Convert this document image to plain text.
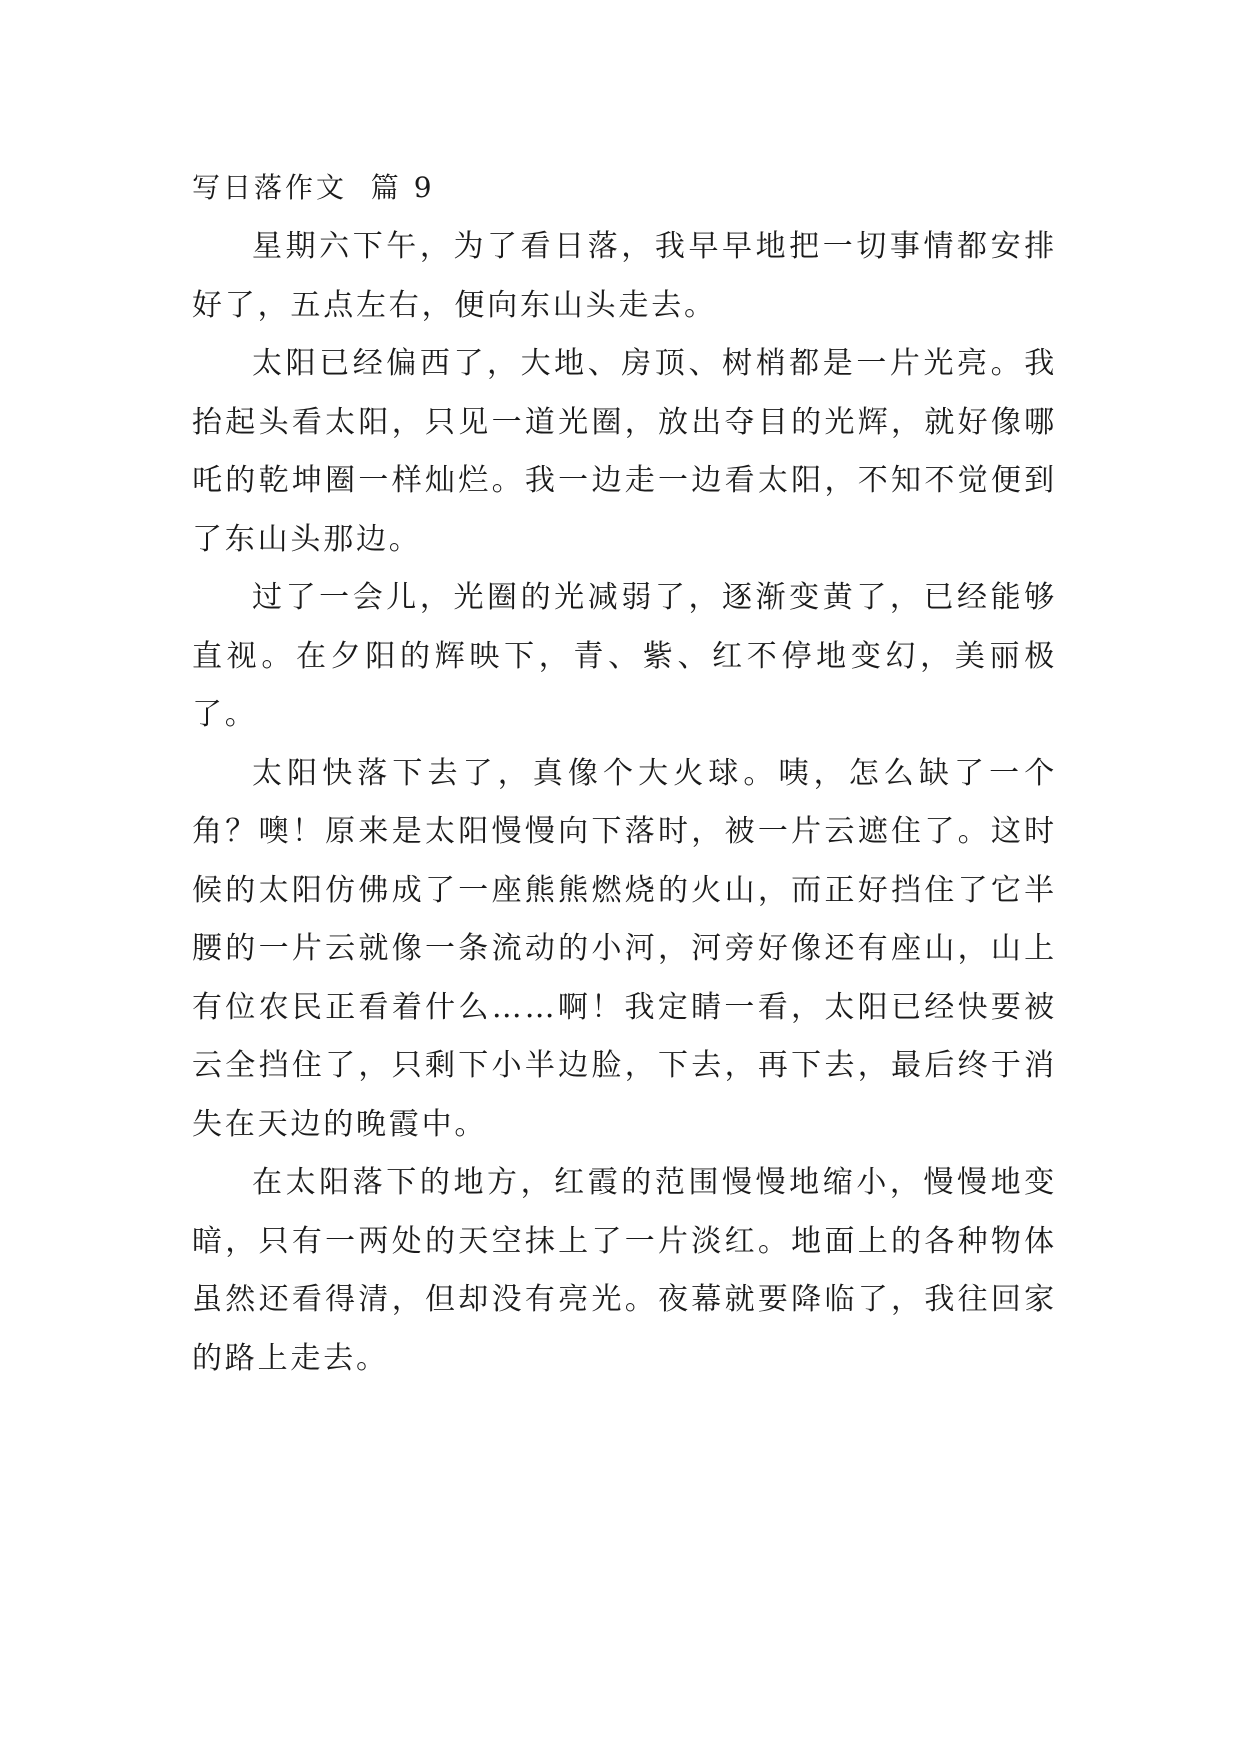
写日落作文  篇 9

星期六下午，为了看日落，我早早地把一切事情都安排好了，五点左右，便向东山头走去。

太阳已经偏西了，大地、房顶、树梢都是一片光亮。我抬起头看太阳，只见一道光圈，放出夺目的光辉，就好像哪吒的乾坤圈一样灿烂。我一边走一边看太阳，不知不觉便到了东山头那边。

过了一会儿，光圈的光减弱了，逐渐变黄了，已经能够直视。在夕阳的辉映下，青、紫、红不停地变幻，美丽极了。

太阳快落下去了，真像个大火球。咦，怎么缺了一个角？噢！原来是太阳慢慢向下落时，被一片云遮住了。这时候的太阳仿佛成了一座熊熊燃烧的火山，而正好挡住了它半腰的一片云就像一条流动的小河，河旁好像还有座山，山上有位农民正看着什么……啊！我定睛一看，太阳已经快要被云全挡住了，只剩下小半边脸，下去，再下去，最后终于消失在天边的晚霞中。

在太阳落下的地方，红霞的范围慢慢地缩小，慢慢地变暗，只有一两处的天空抹上了一片淡红。地面上的各种物体虽然还看得清，但却没有亮光。夜幕就要降临了，我往回家的路上走去。
